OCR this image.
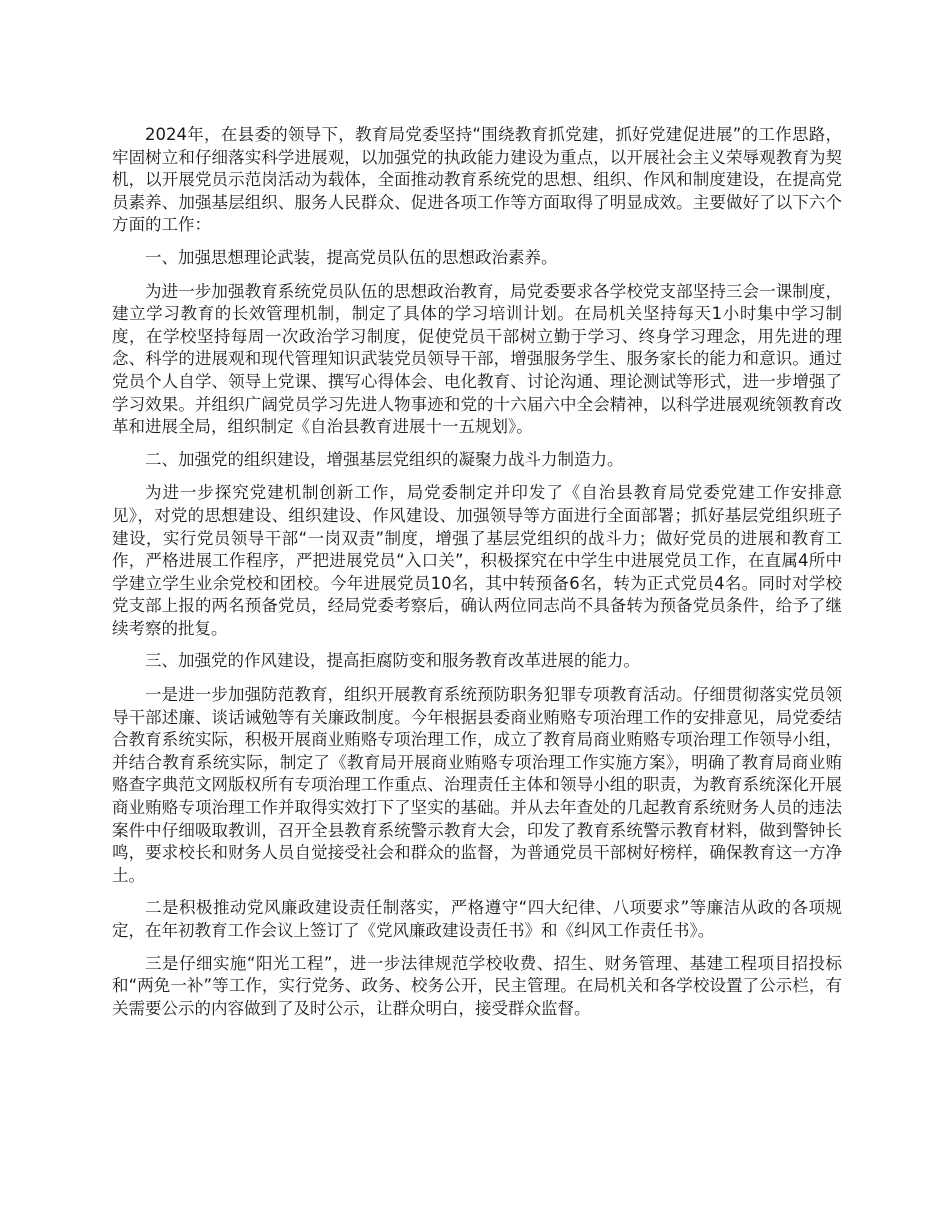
2024年，在县委的领导下，教育局党委坚持“围绕教育抓党建，抓好党建促进展”的工作思路，牢固树立和仔细落实科学进展观，以加强党的执政能力建设为重点，以开展社会主义荣辱观教育为契机，以开展党员示范岗活动为载体，全面推动教育系统党的思想、组织、作风和制度建设，在提高党员素养、加强基层组织、服务人民群众、促进各项工作等方面取得了明显成效。主要做好了以下六个方面的工作：

一、加强思想理论武装，提高党员队伍的思想政治素养。

为进一步加强教育系统党员队伍的思想政治教育，局党委要求各学校党支部坚持三会一课制度，建立学习教育的长效管理机制，制定了具体的学习培训计划。在局机关坚持每天1小时集中学习制度，在学校坚持每周一次政治学习制度，促使党员干部树立勤于学习、终身学习理念，用先进的理念、科学的进展观和现代管理知识武装党员领导干部，增强服务学生、服务家长的能力和意识。通过党员个人自学、领导上党课、撰写心得体会、电化教育、讨论沟通、理论测试等形式，进一步增强了学习效果。并组织广阔党员学习先进人物事迹和党的十六届六中全会精神，以科学进展观统领教育改革和进展全局，组织制定《自治县教育进展十一五规划》。

二、加强党的组织建设，增强基层党组织的凝聚力战斗力制造力。

为进一步探究党建机制创新工作，局党委制定并印发了《自治县教育局党委党建工作安排意见》，对党的思想建设、组织建设、作风建设、加强领导等方面进行全面部署；抓好基层党组织班子建设，实行党员领导干部“一岗双责”制度，增强了基层党组织的战斗力；做好党员的进展和教育工作，严格进展工作程序，严把进展党员“入口关”，积极探究在中学生中进展党员工作，在直属4所中学建立学生业余党校和团校。今年进展党员10名，其中转预备6名，转为正式党员4名。同时对学校党支部上报的两名预备党员，经局党委考察后，确认两位同志尚不具备转为预备党员条件，给予了继续考察的批复。

三、加强党的作风建设，提高拒腐防变和服务教育改革进展的能力。

一是进一步加强防范教育，组织开展教育系统预防职务犯罪专项教育活动。仔细贯彻落实党员领导干部述廉、谈话诫勉等有关廉政制度。今年根据县委商业贿赂专项治理工作的安排意见，局党委结合教育系统实际，积极开展商业贿赂专项治理工作，成立了教育局商业贿赂专项治理工作领导小组，并结合教育系统实际，制定了《教育局开展商业贿赂专项治理工作实施方案》，明确了教育局商业贿赂查字典范文网版权所有专项治理工作重点、治理责任主体和领导小组的职责，为教育系统深化开展商业贿赂专项治理工作并取得实效打下了坚实的基础。并从去年查处的几起教育系统财务人员的违法案件中仔细吸取教训，召开全县教育系统警示教育大会，印发了教育系统警示教育材料，做到警钟长鸣，要求校长和财务人员自觉接受社会和群众的监督，为普通党员干部树好榜样，确保教育这一方净土。

二是积极推动党风廉政建设责任制落实，严格遵守“四大纪律、八项要求”等廉洁从政的各项规定，在年初教育工作会议上签订了《党风廉政建设责任书》和《纠风工作责任书》。

三是仔细实施“阳光工程”，进一步法律规范学校收费、招生、财务管理、基建工程项目招投标和“两免一补”等工作，实行党务、政务、校务公开，民主管理。在局机关和各学校设置了公示栏，有关需要公示的内容做到了及时公示，让群众明白，接受群众监督。
